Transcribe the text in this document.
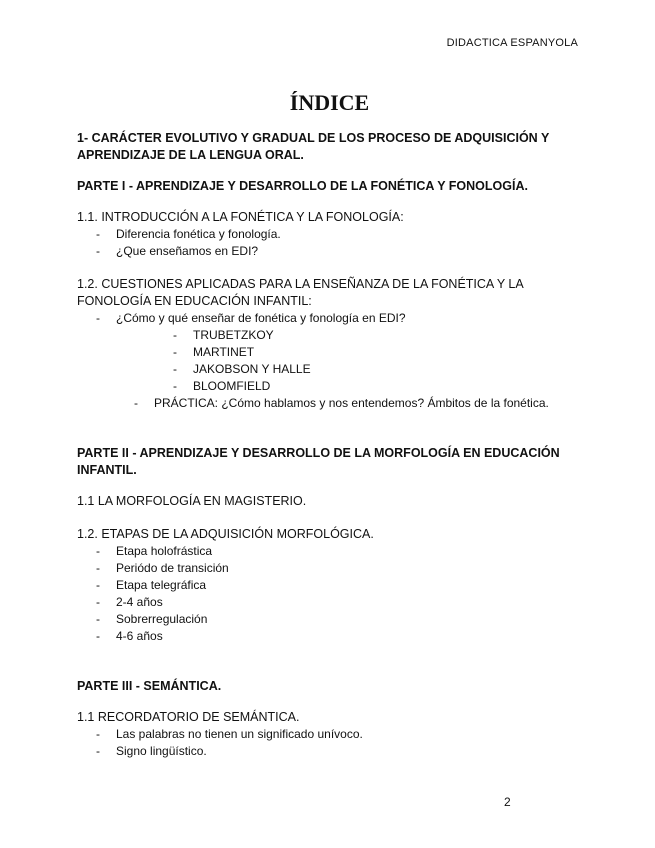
DIDACTICA ESPANYOLA
ÍNDICE
1- CARÁCTER EVOLUTIVO Y GRADUAL DE LOS PROCESO DE ADQUISICIÓN Y APRENDIZAJE DE LA LENGUA ORAL.
PARTE I - APRENDIZAJE Y DESARROLLO DE LA FONÉTICA Y FONOLOGÍA.
1.1. INTRODUCCIÓN A LA FONÉTICA Y LA FONOLOGÍA:
- Diferencia fonética y fonología.
- ¿Que enseñamos en EDI?
1.2. CUESTIONES APLICADAS PARA LA ENSEÑANZA DE LA FONÉTICA Y LA FONOLOGÍA EN EDUCACIÓN INFANTIL:
- ¿Cómo y qué enseñar de fonética y fonología en EDI?
- TRUBETZKOY
- MARTINET
- JAKOBSON Y HALLE
- BLOOMFIELD
- PRÁCTICA: ¿Cómo hablamos y nos entendemos? Ámbitos de la fonética.
PARTE II - APRENDIZAJE Y DESARROLLO DE LA MORFOLOGÍA EN EDUCACIÓN INFANTIL.
1.1 LA MORFOLOGÍA EN MAGISTERIO.
1.2. ETAPAS DE LA ADQUISICIÓN MORFOLÓGICA.
- Etapa holofrástica
- Periódo de transición
- Etapa telegráfica
- 2-4 años
- Sobrerregulación
- 4-6 años
PARTE III - SEMÁNTICA.
1.1 RECORDATORIO DE SEMÁNTICA.
- Las palabras no tienen un significado unívoco.
- Signo lingüístico.
2
